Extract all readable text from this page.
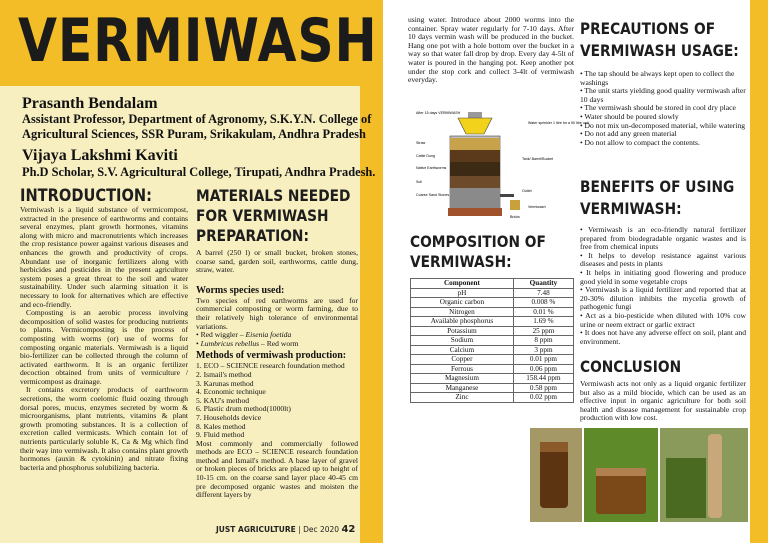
VERMIWASH
Prasanth Bendalam
Assistant Professor, Department of Agronomy, S.K.Y.N. College of Agricultural Sciences, SSR Puram, Srikakulam, Andhra Pradesh
Vijaya Lakshmi Kaviti
Ph.D Scholar, S.V. Agricultural College, Tirupati, Andhra Pradesh.
INTRODUCTION:

Vermiwash is a liquid substance of vermicompost, extracted in the presence of earthworms and contains several enzymes, plant growth hormones, vitamins along with micro and macronutrients which increases the crop resistance power against various diseases and enhances the growth and productivity of crops. Abundant use of inorganic fertilizers along with herbicides and pesticides in the present agriculture system poses a great threat to the soil and water sustainability. Under such alarming situation it is necessary to look for alternatives which are effective and eco-friendly.

Composting is an aerobic process involving decomposition of solid wastes for producing nutrients to plants. Vermicomposting is the process of composting with worms (or) use of worms for composting organic materials. Vermiwash is a liquid bio-fertilizer can be collected through the column of activated earthworm. It is an organic fertilizer decoction obtained from units of vermiculture / vermicompost as drainage.

It contains excretory products of earthworm secretions, the worm coelomic fluid oozing through dorsal pores, mucus, enzymes secreted by worm & microorganisms, plant nutrients, vitamins & plant growth promoting substances. It is a collection of excretion called vermicasts. Which contain lot of nutrients particularly soluble K, Ca & Mg which find their way into vermiwash. It also contains plant growth hormones (auxin & cytokinin) and nitrate fixing bacteria and phosphorus solubilizing bacteria.

MATERIALS NEEDED
FOR VERMIWASH
PREPARATION:

A barrel (250 l) or small bucket, broken stones, coarse sand, garden soil, earthworms, cattle dung, straw, water.

Worms species used:

Two species of red earthworms are used for commercial composting or worm farming, due to their relatively high tolerance of environmental variations.

• Red wiggler – Eisenia foetida
• Lumbricus rebellus – Red worm
Methods of vermiwash production:
1. ECO – SCIENCE research foundation method
2. Ismail's method
3. Karunas method
4. Economic technique
5. KAU's method
6. Plastic drum method(1000lt)
7. Households device
8. Kales method
9. Fluid method

Most commonly and commercially followed methods are ECO – SCIENCE research foundation method and Ismail's method. A base layer of gravel or broken pieces of bricks are placed up to height of 10-15 cm. on the coarse sand layer place 40-45 cm pre decomposed organic wastes and moisten the different layers by

JUST AGRICULTURE | Dec 2020 42
using water. Introduce about 2000 worms into the container. Spray water regularly for 7-10 days. After 10 days vermin wash will be produced in the bucket. Hang one pot with a hole bottom over the bucket in a way so that water fall drop by drop. Every day 4-5lt of water is poured in the hanging pot. Keep another pot under the stop cork and collect 3-4lt of vermiwash everyday.
After 15 days VERMIWASH
Water sprinkler 1 litre for a 50 litre unit
Straw
Cattle Dung
Native Earthworms
Soil
Coarse Sand Stones
Tank/ Barrel/Bucket
Outlet
Vermiwash
Bricks
COMPOSITION OF
VERMIWASH:
Component	Quantity
pH	7.48
Organic carbon	0.008 %
Nitrogen	0.01 %
Available phosphorus	1.69 %
Potassium	25 ppm
Sodium	8 ppm
Calcium	3 ppm
Copper	0.01 ppm
Ferrous	0.06 ppm
Magnesium	158.44 ppm
Manganese	0.58 ppm
Zinc	0.02 ppm
PRECAUTIONS OF
VERMIWASH USAGE:
• The tap should be always kept open to collect the washings
• The unit starts yielding good quality vermiwash after 10 days
• The vermiwash should be stored in cool dry place
• Water should be poured slowly
• Do not mix un-decomposed material, while watering
• Do not add any green material
• Do not allow to compact the contents.
BENEFITS OF USING
VERMIWASH:
• Vermiwash is an eco-friendly natural fertilizer prepared from biodegradable organic wastes and is free from chemical inputs
• It helps to develop resistance against various diseases and pests in plants
• It helps in initiating good flowering and produce good yield in some vegetable crops
• Vermiwash is a liquid fertilizer and reported that at 20-30% dilution inhibits the mycelia growth of pathogenic fungi
• Act as a bio-pesticide when diluted with 10% cow urine or neem extract or garlic extract
• It does not have any adverse effect on soil, plant and environment.
CONCLUSION
Vermiwash acts not only as a liquid organic fertilizer but also as a mild biocide, which can be used as an effective input in organic agriculture for both soil health and disease management for sustainable crop production with low cost.
